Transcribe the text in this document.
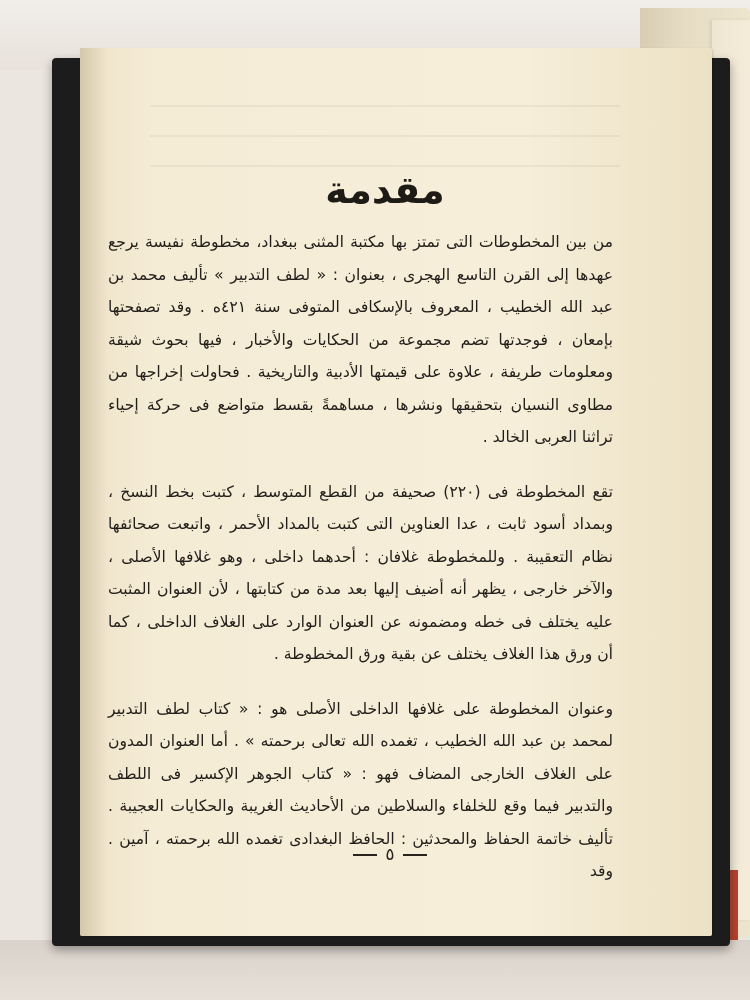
مقدمة

من بين المخطوطات التى تمتز بها مكتبة المثنى ببغداد، مخطوطة نفيسة يرجع عهدها إلى القرن التاسع الهجرى ، بعنوان : « لطف التدبير » تأليف محمد بن عبد الله الخطيب ، المعروف بالإسكافى المتوفى سنة ٤٢١ه . وقد تصفحتها بإمعان ، فوجدتها تضم مجموعة من الحكايات والأخبار ، فيها بحوث شيقة ومعلومات طريفة ، علاوة على قيمتها الأدبية والتاريخية . فحاولت إخراجها من مطاوى النسيان بتحقيقها ونشرها ، مساهمةً بقسط متواضع فى حركة إحياء تراثنا العربى الخالد .

تقع المخطوطة فى (٢٢٠) صحيفة من القطع المتوسط ، كتبت بخط النسخ ، وبمداد أسود ثابت ، عدا العناوين التى كتبت بالمداد الأحمر ، واتبعت صحائفها نظام التعقيبة . وللمخطوطة غلافان : أحدهما داخلى ، وهو غلافها الأصلى ، والآخر خارجى ، يظهر أنه أضيف إليها بعد مدة من كتابتها ، لأن العنوان المثبت عليه يختلف فى خطه ومضمونه عن العنوان الوارد على الغلاف الداخلى ، كما أن ورق هذا الغلاف يختلف عن بقية ورق المخطوطة .

وعنوان المخطوطة على غلافها الداخلى الأصلى هو : « كتاب لطف التدبير لمحمد بن عبد الله الخطيب ، تغمده الله تعالى برحمته » . أما العنوان المدون على الغلاف الخارجى المضاف فهو : « كتاب الجوهر الإكسير فى اللطف والتدبير فيما وقع للخلفاء والسلاطين من الأحاديث الغريبة والحكايات العجيبة . تأليف خاتمة الحفاظ والمحدثين : الحافظ البغدادى تغمده الله برحمته ، آمين . وقد

٥
